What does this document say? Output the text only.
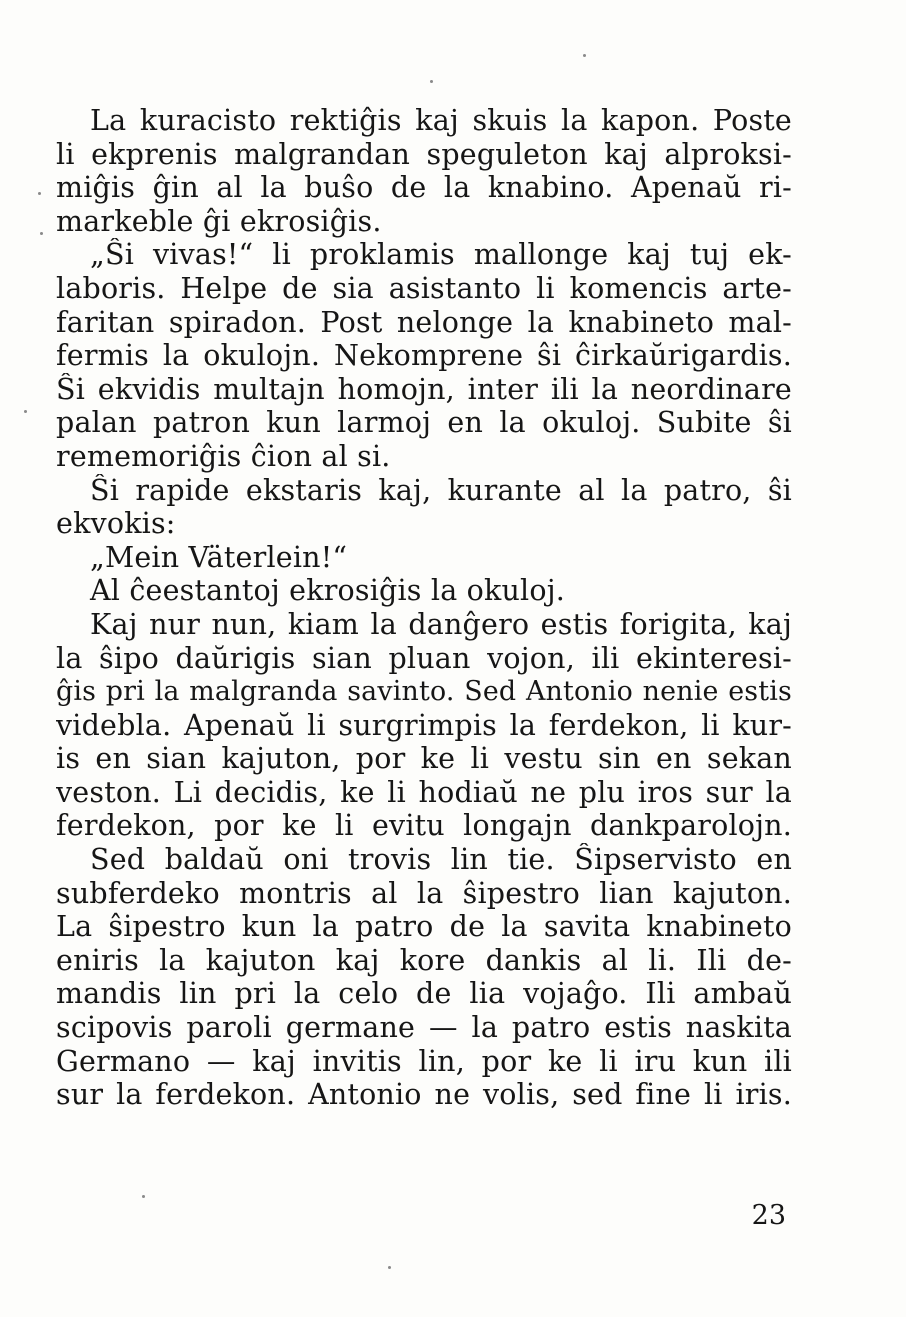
La kuracisto rektiĝis kaj skuis la kapon. Poste
li ekprenis malgrandan speguleton kaj alproksi-
miĝis ĝin al la buŝo de la knabino. Apenaŭ ri-
markeble ĝi ekrosiĝis.
„Ŝi vivas!“ li proklamis mallonge kaj tuj ek-
laboris. Helpe de sia asistanto li komencis arte-
faritan spiradon. Post nelonge la knabineto mal-
fermis la okulojn. Nekomprene ŝi ĉirkaŭrigardis.
Ŝi ekvidis multajn homojn, inter ili la neordinare
palan patron kun larmoj en la okuloj. Subite ŝi
rememoriĝis ĉion al si.
Ŝi rapide ekstaris kaj, kurante al la patro, ŝi
ekvokis:
„Mein Väterlein!“
Al ĉeestantoj ekrosiĝis la okuloj.
Kaj nur nun, kiam la danĝero estis forigita, kaj
la ŝipo daŭrigis sian pluan vojon, ili ekinteresi-
ĝis pri la malgranda savinto. Sed Antonio nenie estis
videbla. Apenaŭ li surgrimpis la ferdekon, li kur-
is en sian kajuton, por ke li vestu sin en sekan
veston. Li decidis, ke li hodiaŭ ne plu iros sur la
ferdekon, por ke li evitu longajn dankparolojn.
Sed baldaŭ oni trovis lin tie. Ŝipservisto en
subferdeko montris al la ŝipestro lian kajuton.
La ŝipestro kun la patro de la savita knabineto
eniris la kajuton kaj kore dankis al li. Ili de-
mandis lin pri la celo de lia vojaĝo. Ili ambaŭ
scipovis paroli germane — la patro estis naskita
Germano — kaj invitis lin, por ke li iru kun ili
sur la ferdekon. Antonio ne volis, sed fine li iris.
23
